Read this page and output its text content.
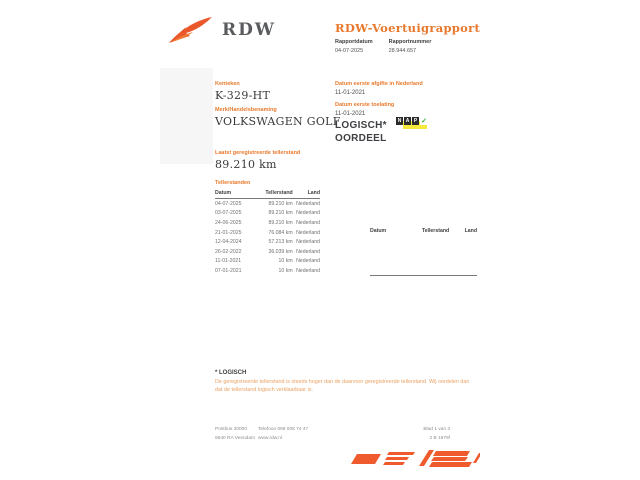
RDW	RDW-Voertuigrapport
Rapportdatum
04-07-2025
Rapportnummer
28.944.657
Kenteken
K-329-HT
Merk/Handelsbenaming
VOLKSWAGEN GOLF
Laatst geregistreerde tellerstand
89.210 km
Datum eerste afgifte in Nederland
11-01-2021
Datum eerste toelating
11-01-2021
LOGISCH*
OORDEEL
N A P ✓
Tellerstanden
Datum	Tellerstand	Land
04-07-2025	89.210 km	Nederland
03-07-2025	89.210 km	Nederland
24-06-2025	89.210 km	Nederland
21-01-2025	76.084 km	Nederland
12-04-2024	57.213 km	Nederland
26-02-2022	36.039 km	Nederland
11-01-2021	10 km	Nederland
07-01-2021	10 km	Nederland
Datum	Tellerstand	Land
* LOGISCH
De geregistreerde tellerstand is steeds hoger dan de daarvoor geregistreerde tellerstand. Wij oordelen dan dat de tellerstand logisch verklaarbaar is.
Postbus 30000
9640 RA Veendam
Telefoon 088 008 74 47
www.rdw.nl
Blad 1 van 3
2 B 1979f
